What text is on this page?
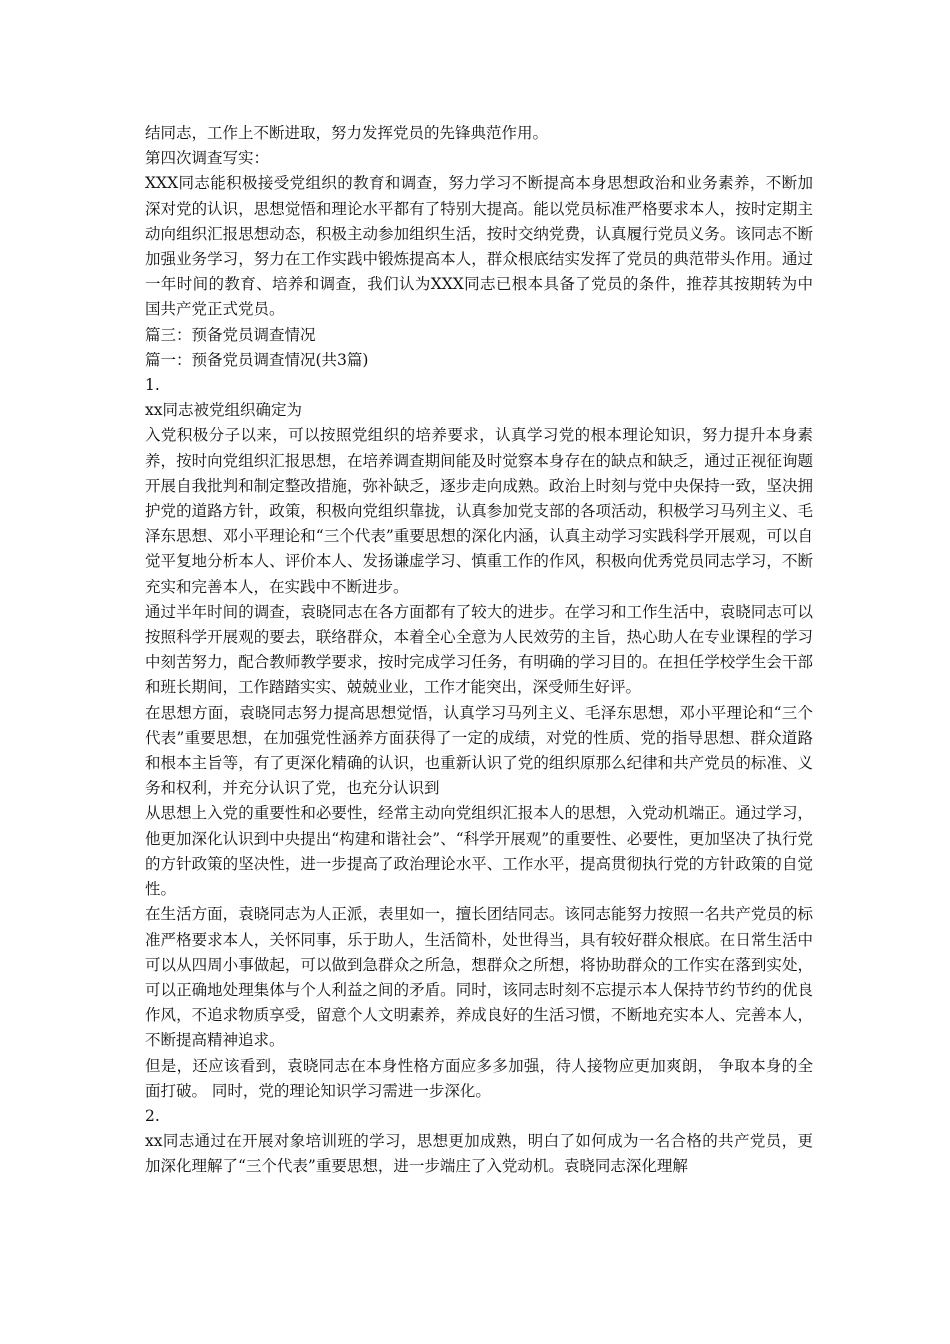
结同志，工作上不断进取，努力发挥党员的先锋典范作用。

第四次调查写实：

XXX同志能积极接受党组织的教育和调查，努力学习不断提高本身思想政治和业务素养，不断加深对党的认识，思想觉悟和理论水平都有了特别大提高。能以党员标准严格要求本人，按时定期主动向组织汇报思想动态，积极主动参加组织生活，按时交纳党费，认真履行党员义务。该同志不断加强业务学习，努力在工作实践中锻炼提高本人，群众根底结实发挥了党员的典范带头作用。通过一年时间的教育、培养和调查，我们认为XXX同志已根本具备了党员的条件，推荐其按期转为中国共产党正式党员。

篇三：预备党员调查情况

篇一：预备党员调查情况(共3篇)

1.

xx同志被党组织确定为

入党积极分子以来，可以按照党组织的培养要求，认真学习党的根本理论知识，努力提升本身素养，按时向党组织汇报思想，在培养调查期间能及时觉察本身存在的缺点和缺乏，通过正视征询题开展自我批判和制定整改措施，弥补缺乏，逐步走向成熟。政治上时刻与党中央保持一致，坚决拥护党的道路方针，政策，积极向党组织靠拢，认真参加党支部的各项活动，积极学习马列主义、毛泽东思想、邓小平理论和“三个代表”重要思想的深化内涵，认真主动学习实践科学开展观，可以自觉平复地分析本人、评价本人、发扬谦虚学习、慎重工作的作风，积极向优秀党员同志学习，不断充实和完善本人，在实践中不断进步。

通过半年时间的调查，袁晓同志在各方面都有了较大的进步。在学习和工作生活中，袁晓同志可以按照科学开展观的要去，联络群众，本着全心全意为人民效劳的主旨，热心助人在专业课程的学习中刻苦努力，配合教师教学要求，按时完成学习任务，有明确的学习目的。在担任学校学生会干部和班长期间，工作踏踏实实、兢兢业业，工作才能突出，深受师生好评。

在思想方面，袁晓同志努力提高思想觉悟，认真学习马列主义、毛泽东思想，邓小平理论和“三个代表”重要思想，在加强党性涵养方面获得了一定的成绩，对党的性质、党的指导思想、群众道路和根本主旨等，有了更深化精确的认识，也重新认识了党的组织原那么纪律和共产党员的标准、义务和权利，并充分认识了党，也充分认识到

从思想上入党的重要性和必要性，经常主动向党组织汇报本人的思想，入党动机端正。通过学习，他更加深化认识到中央提出“构建和谐社会”、“科学开展观”的重要性、必要性，更加坚决了执行党的方针政策的坚决性，进一步提高了政治理论水平、工作水平，提高贯彻执行党的方针政策的自觉性。

在生活方面，袁晓同志为人正派，表里如一，擅长团结同志。该同志能努力按照一名共产党员的标准严格要求本人，关怀同事，乐于助人，生活简朴，处世得当，具有较好群众根底。在日常生活中可以从四周小事做起，可以做到急群众之所急，想群众之所想，将协助群众的工作实在落到实处，可以正确地处理集体与个人利益之间的矛盾。同时，该同志时刻不忘提示本人保持节约节约的优良作风，不追求物质享受，留意个人文明素养，养成良好的生活习惯，不断地充实本人、完善本人，不断提高精神追求。

但是，还应该看到，袁晓同志在本身性格方面应多多加强，待人接物应更加爽朗， 争取本身的全面打破。 同时，党的理论知识学习需进一步深化。

2.

xx同志通过在开展对象培训班的学习，思想更加成熟，明白了如何成为一名合格的共产党员，更加深化理解了“三个代表”重要思想，进一步端庄了入党动机。袁晓同志深化理解
